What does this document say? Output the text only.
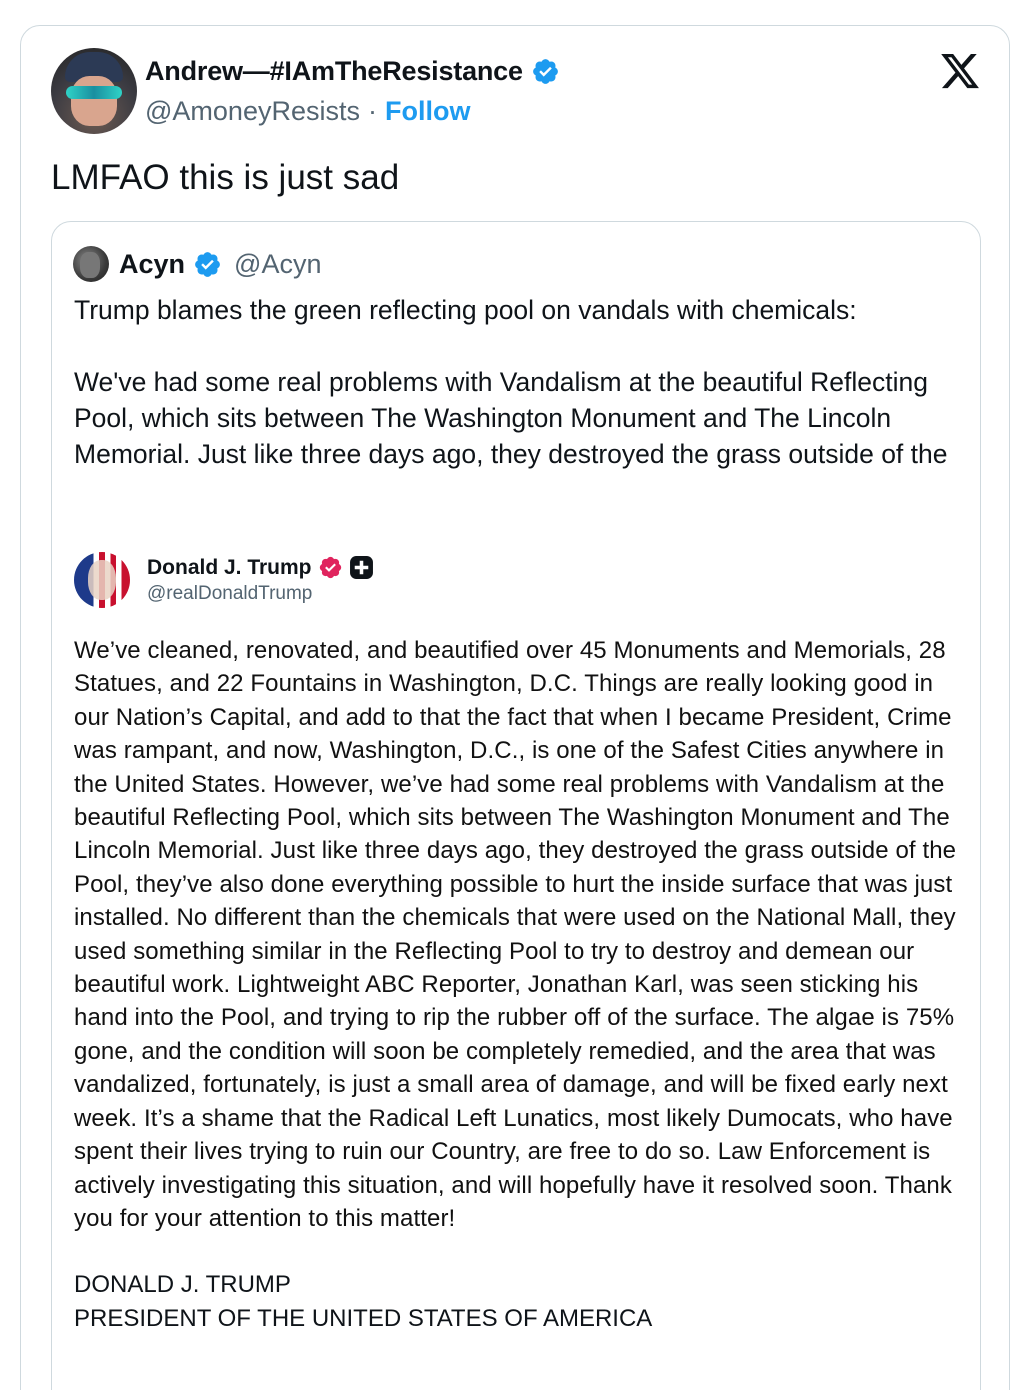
Andrew—#IAmTheResistance
@AmoneyResists · Follow
LMFAO this is just sad
Acyn @Acyn

Trump blames the green reflecting pool on vandals with chemicals:

We've had some real problems with Vandalism at the beautiful Reflecting Pool, which sits between The Washington Monument and The Lincoln Memorial. Just like three days ago, they destroyed the grass outside of the

Donald J. Trump
@realDonaldTrump

We’ve cleaned, renovated, and beautified over 45 Monuments and Memorials, 28 Statues, and 22 Fountains in Washington, D.C. Things are really looking good in our Nation’s Capital, and add to that the fact that when I became President, Crime was rampant, and now, Washington, D.C., is one of the Safest Cities anywhere in the United States. However, we’ve had some real problems with Vandalism at the beautiful Reflecting Pool, which sits between The Washington Monument and The Lincoln Memorial. Just like three days ago, they destroyed the grass outside of the Pool, they’ve also done everything possible to hurt the inside surface that was just installed. No different than the chemicals that were used on the National Mall, they used something similar in the Reflecting Pool to try to destroy and demean our beautiful work. Lightweight ABC Reporter, Jonathan Karl, was seen sticking his hand into the Pool, and trying to rip the rubber off of the surface. The algae is 75% gone, and the condition will soon be completely remedied, and the area that was vandalized, fortunately, is just a small area of damage, and will be fixed early next week. It’s a shame that the Radical Left Lunatics, most likely Dumocats, who have spent their lives trying to ruin our Country, are free to do so. Law Enforcement is actively investigating this situation, and will hopefully have it resolved soon. Thank you for your attention to this matter!

DONALD J. TRUMP
PRESIDENT OF THE UNITED STATES OF AMERICA
